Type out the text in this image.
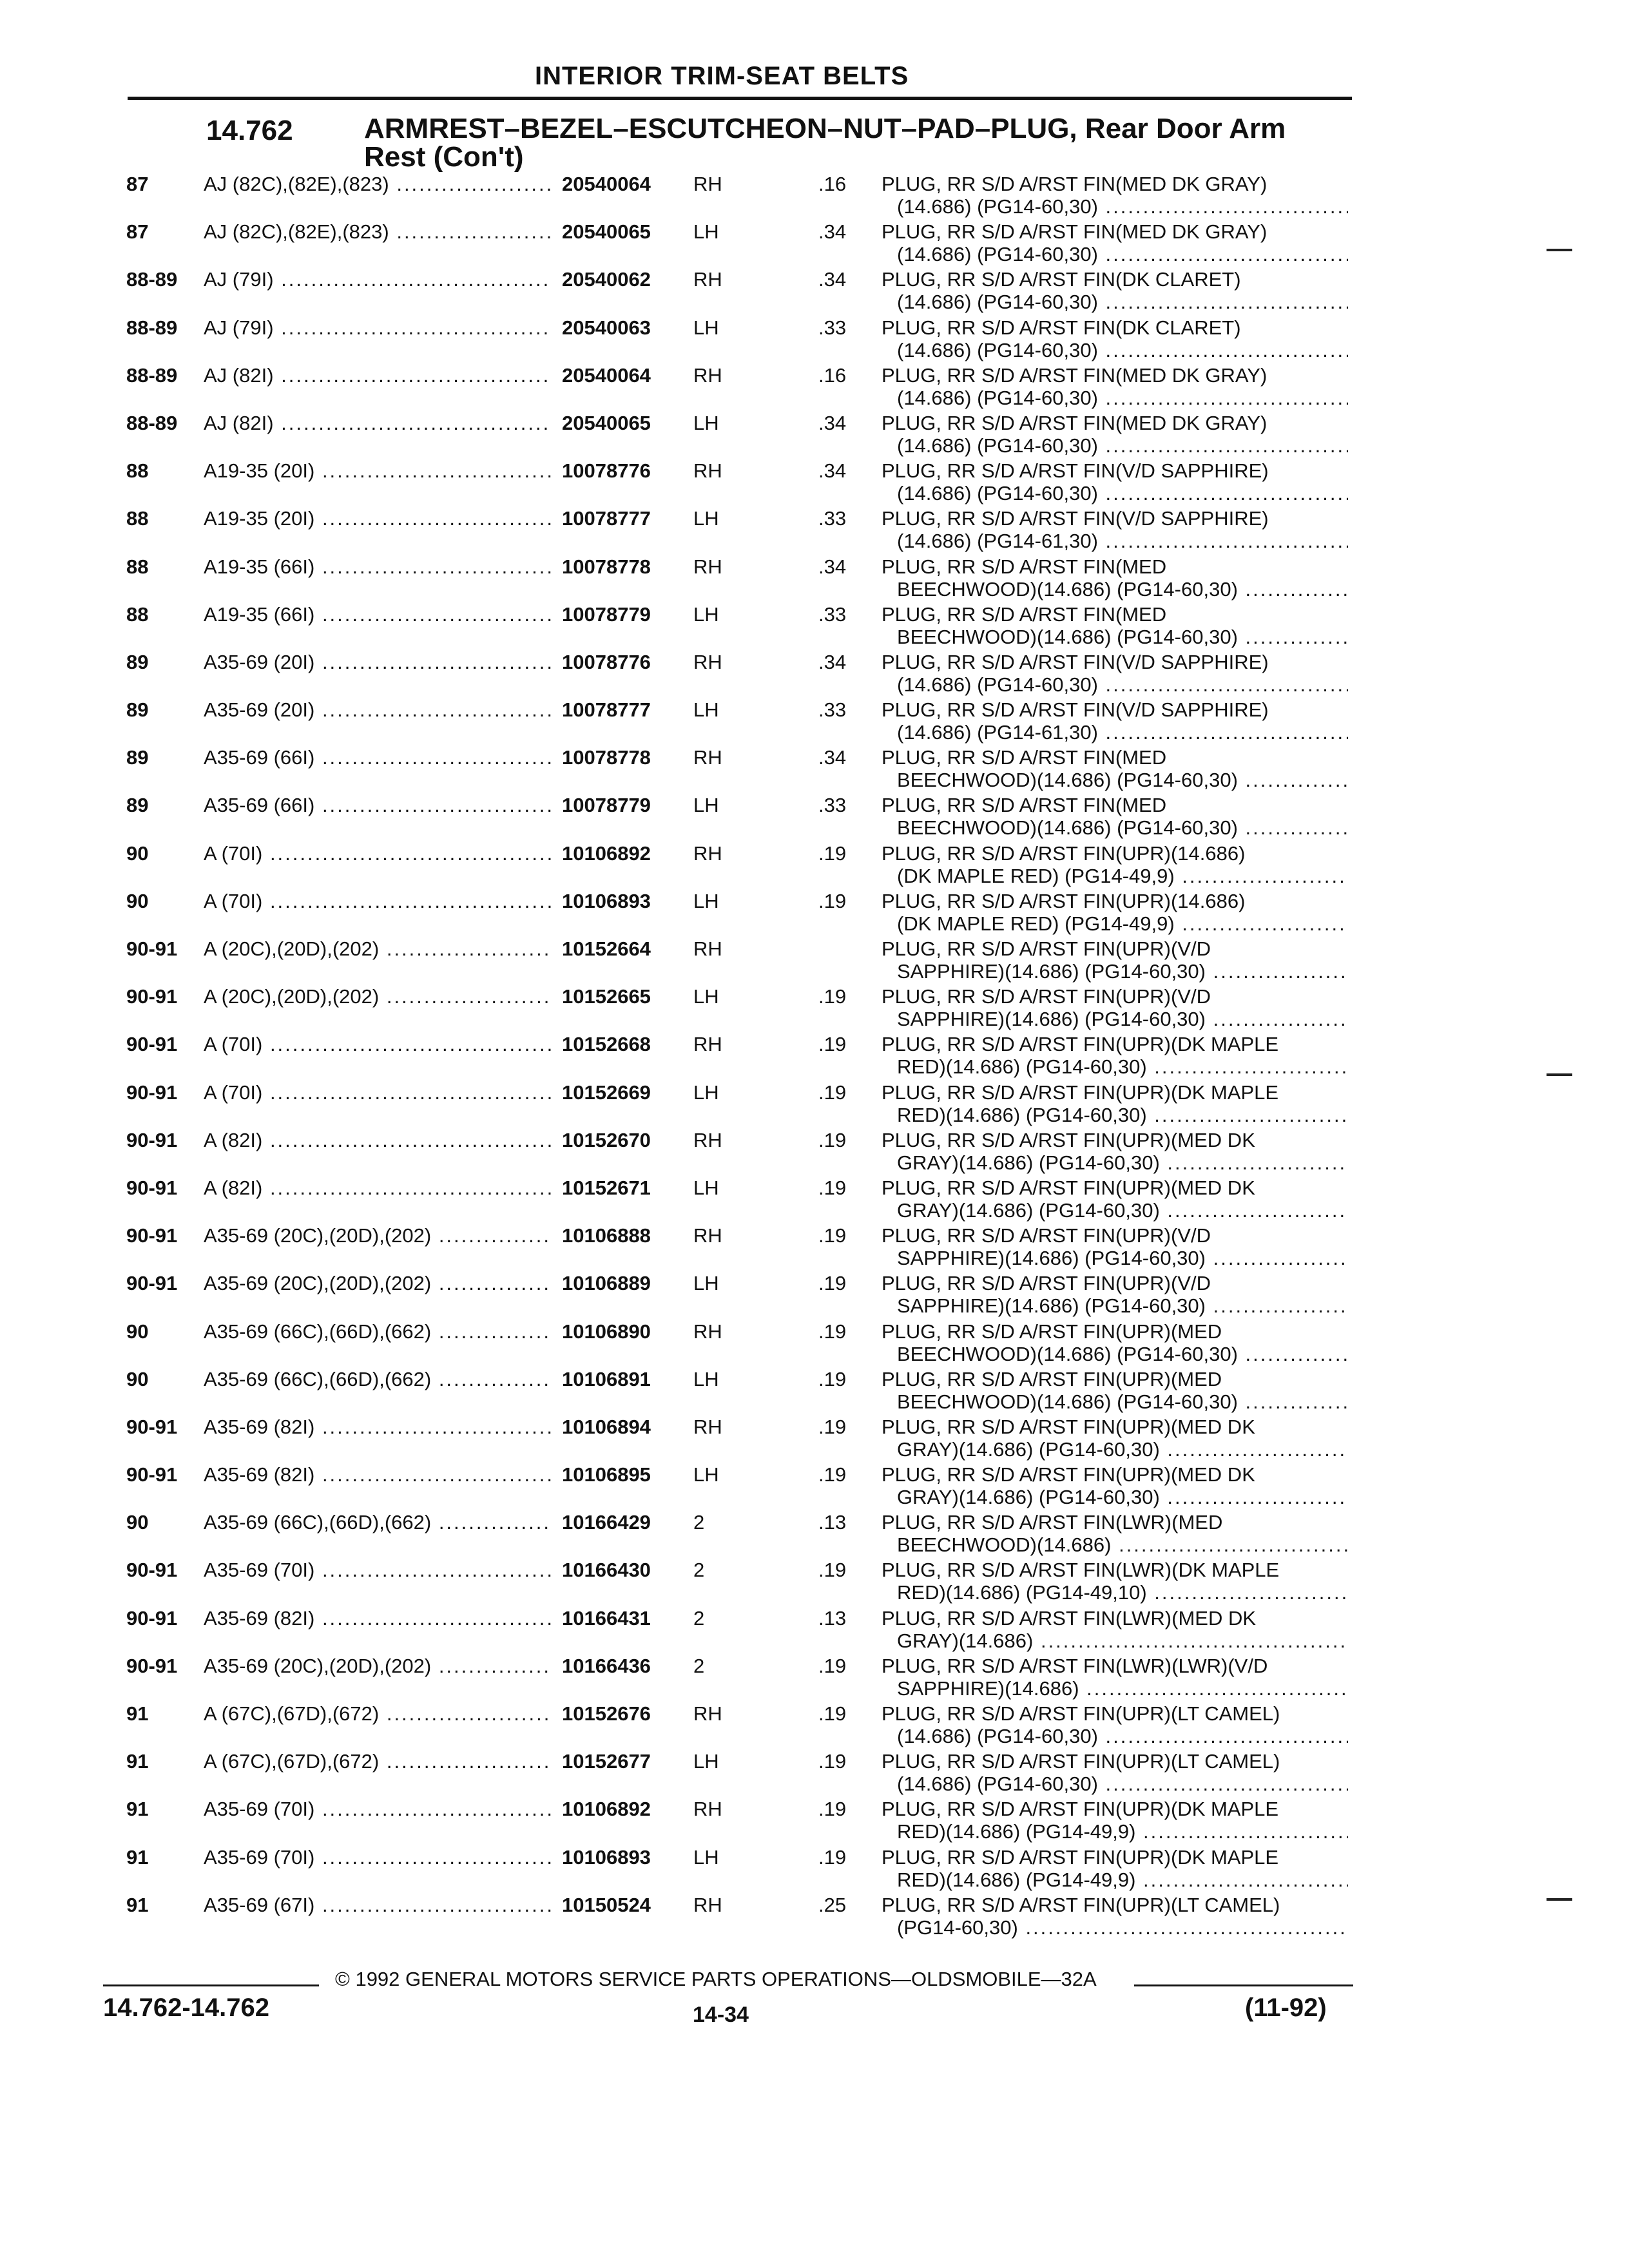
INTERIOR TRIM-SEAT BELTS
14.762	ARMREST–BEZEL–ESCUTCHEON–NUT–PAD–PLUG, Rear Door Arm
Rest (Con't)
87	AJ (82C),(82E),(823) .....	20540064 RH	.16 PLUG, RR S/D A/RST FIN(MED DK GRAY)
(14.686) (PG14-60,30) .....
87	AJ (82C),(82E),(823) .....	20540065 LH	.34 PLUG, RR S/D A/RST FIN(MED DK GRAY)
(14.686) (PG14-60,30) .....
88-89 AJ (79I) .....	20540062 RH	.34 PLUG, RR S/D A/RST FIN(DK CLARET)
(14.686) (PG14-60,30) .....
88-89 AJ (79I) .....	20540063 LH	.33 PLUG, RR S/D A/RST FIN(DK CLARET)
(14.686) (PG14-60,30) .....
88-89 AJ (82I) .....	20540064 RH	.16 PLUG, RR S/D A/RST FIN(MED DK GRAY)
(14.686) (PG14-60,30) .....
88-89 AJ (82I) .....	20540065 LH	.34 PLUG, RR S/D A/RST FIN(MED DK GRAY)
(14.686) (PG14-60,30) .....
88	A19-35 (20I) .....	10078776 RH	.34 PLUG, RR S/D A/RST FIN(V/D SAPPHIRE)
(14.686) (PG14-60,30) .....
88	A19-35 (20I) .....	10078777 LH	.33 PLUG, RR S/D A/RST FIN(V/D SAPPHIRE)
(14.686) (PG14-61,30) .....
88	A19-35 (66I) .....	10078778 RH	.34 PLUG, RR S/D A/RST FIN(MED
BEECHWOOD)(14.686) (PG14-60,30) .....
88	A19-35 (66I) .....	10078779 LH	.33 PLUG, RR S/D A/RST FIN(MED
BEECHWOOD)(14.686) (PG14-60,30) .....
89	A35-69 (20I) .....	10078776 RH	.34 PLUG, RR S/D A/RST FIN(V/D SAPPHIRE)
(14.686) (PG14-60,30) .....
89	A35-69 (20I) .....	10078777 LH	.33 PLUG, RR S/D A/RST FIN(V/D SAPPHIRE)
(14.686) (PG14-61,30) .....
89	A35-69 (66I) .....	10078778 RH	.34 PLUG, RR S/D A/RST FIN(MED
BEECHWOOD)(14.686) (PG14-60,30) .....
89	A35-69 (66I) .....	10078779 LH	.33 PLUG, RR S/D A/RST FIN(MED
BEECHWOOD)(14.686) (PG14-60,30) .....
90	A (70I) .....	10106892 RH	.19 PLUG, RR S/D A/RST FIN(UPR)(14.686)
(DK MAPLE RED) (PG14-49,9) .....
90	A (70I) .....	10106893 LH	.19 PLUG, RR S/D A/RST FIN(UPR)(14.686)
(DK MAPLE RED) (PG14-49,9) .....
90-91 A (20C),(20D),(202) .....	10152664 RH	PLUG, RR S/D A/RST FIN(UPR)(V/D
SAPPHIRE)(14.686) (PG14-60,30) .....
90-91 A (20C),(20D),(202) .....	10152665 LH	.19 PLUG, RR S/D A/RST FIN(UPR)(V/D
SAPPHIRE)(14.686) (PG14-60,30) .....
90-91 A (70I) .....	10152668 RH	.19 PLUG, RR S/D A/RST FIN(UPR)(DK MAPLE
RED)(14.686) (PG14-60,30) .....
90-91 A (70I) .....	10152669 LH	.19 PLUG, RR S/D A/RST FIN(UPR)(DK MAPLE
RED)(14.686) (PG14-60,30) .....
90-91 A (82I) .....	10152670 RH	.19 PLUG, RR S/D A/RST FIN(UPR)(MED DK
GRAY)(14.686) (PG14-60,30) .....
90-91 A (82I) .....	10152671 LH	.19 PLUG, RR S/D A/RST FIN(UPR)(MED DK
GRAY)(14.686) (PG14-60,30) .....
90-91 A35-69 (20C),(20D),(202) .....	10106888 RH	.19 PLUG, RR S/D A/RST FIN(UPR)(V/D
SAPPHIRE)(14.686) (PG14-60,30) .....
90-91 A35-69 (20C),(20D),(202) .....	10106889 LH	.19 PLUG, RR S/D A/RST FIN(UPR)(V/D
SAPPHIRE)(14.686) (PG14-60,30) .....
90	A35-69 (66C),(66D),(662) .....	10106890 RH	.19 PLUG, RR S/D A/RST FIN(UPR)(MED
BEECHWOOD)(14.686) (PG14-60,30) .....
90	A35-69 (66C),(66D),(662) .....	10106891 LH	.19 PLUG, RR S/D A/RST FIN(UPR)(MED
BEECHWOOD)(14.686) (PG14-60,30) .....
90-91 A35-69 (82I) .....	10106894 RH	.19 PLUG, RR S/D A/RST FIN(UPR)(MED DK
GRAY)(14.686) (PG14-60,30) .....
90-91 A35-69 (82I) .....	10106895 LH	.19 PLUG, RR S/D A/RST FIN(UPR)(MED DK
GRAY)(14.686) (PG14-60,30) .....
90	A35-69 (66C),(66D),(662) .....	10166429 2	.13 PLUG, RR S/D A/RST FIN(LWR)(MED
BEECHWOOD)(14.686) .....
90-91 A35-69 (70I) .....	10166430 2	.19 PLUG, RR S/D A/RST FIN(LWR)(DK MAPLE
RED)(14.686) (PG14-49,10) .....
90-91 A35-69 (82I) .....	10166431 2	.13 PLUG, RR S/D A/RST FIN(LWR)(MED DK
GRAY)(14.686) .....
90-91 A35-69 (20C),(20D),(202) .....	10166436 2	.19 PLUG, RR S/D A/RST FIN(LWR)(LWR)(V/D
SAPPHIRE)(14.686) .....
91	A (67C),(67D),(672) .....	10152676 RH	.19 PLUG, RR S/D A/RST FIN(UPR)(LT CAMEL)
(14.686) (PG14-60,30) .....
91	A (67C),(67D),(672) .....	10152677 LH	.19 PLUG, RR S/D A/RST FIN(UPR)(LT CAMEL)
(14.686) (PG14-60,30) .....
91	A35-69 (70I) .....	10106892 RH	.19 PLUG, RR S/D A/RST FIN(UPR)(DK MAPLE
RED)(14.686) (PG14-49,9) .....
91	A35-69 (70I) .....	10106893 LH	.19 PLUG, RR S/D A/RST FIN(UPR)(DK MAPLE
RED)(14.686) (PG14-49,9) .....
91	A35-69 (67I) .....	10150524 RH	.25 PLUG, RR S/D A/RST FIN(UPR)(LT CAMEL)
(PG14-60,30) .....
© 1992 GENERAL MOTORS SERVICE PARTS OPERATIONS—OLDSMOBILE—32A
14.762-14.762	14-34	(11-92)
